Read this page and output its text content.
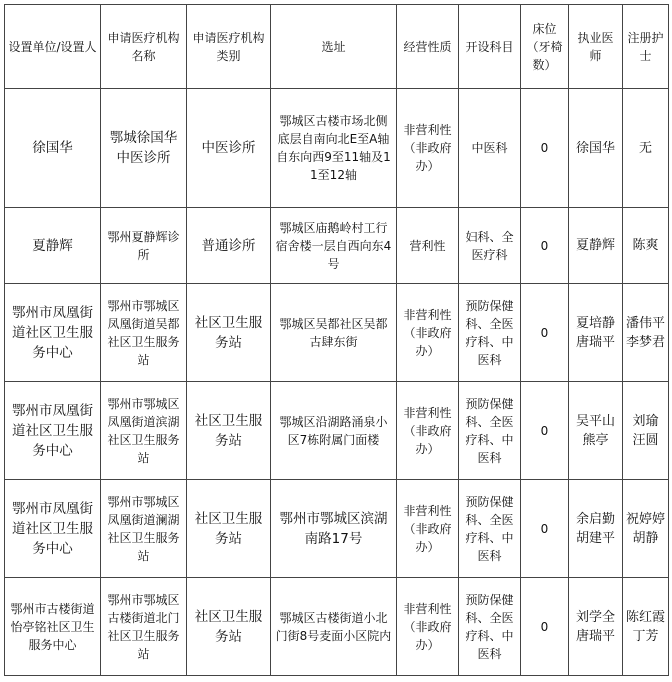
设置单位/设置人	申请医疗机构名称	申请医疗机构类别	选址	经营性质	开设科目	床位（牙椅数）	执业医师	注册护士
徐国华	鄂城徐国华中医诊所	中医诊所	鄂城区古楼市场北侧底层自南向北E至A轴自东向西9至11轴及11至12轴	非营利性（非政府办）	中医科	0	徐国华	无
夏静辉	鄂州夏静辉诊所	普通诊所	鄂城区庙鹅岭村工行宿舍楼一层自西向东4号	营利性	妇科、全医疗科	0	夏静辉	陈爽
鄂州市凤凰街道社区卫生服务中心	鄂州市鄂城区凤凰街道吴都社区卫生服务站	社区卫生服务站	鄂城区吴都社区吴都古肆东街	非营利性（非政府办）	预防保健科、全医疗科、中医科	0	夏培静 唐瑞平	潘伟平 李梦君
鄂州市凤凰街道社区卫生服务中心	鄂州市鄂城区凤凰街道滨湖社区卫生服务站	社区卫生服务站	鄂城区沿湖路涌泉小区7栋附属门面楼	非营利性（非政府办）	预防保健科、全医疗科、中医科	0	吴平山 熊亭	刘瑜 汪圆
鄂州市凤凰街道社区卫生服务中心	鄂州市鄂城区凤凰街道澜湖社区卫生服务站	社区卫生服务站	鄂州市鄂城区滨湖南路17号	非营利性（非政府办）	预防保健科、全医疗科、中医科	0	余启勤 胡建平	祝婷婷 胡静
鄂州市古楼街道怡亭铭社区卫生服务中心	鄂州市鄂城区古楼街道北门社区卫生服务站	社区卫生服务站	鄂城区古楼街道小北门街8号麦面小区院内	非营利性（非政府办）	预防保健科、全医疗科、中医科	0	刘学全 唐瑞平	陈红霞 丁芳
